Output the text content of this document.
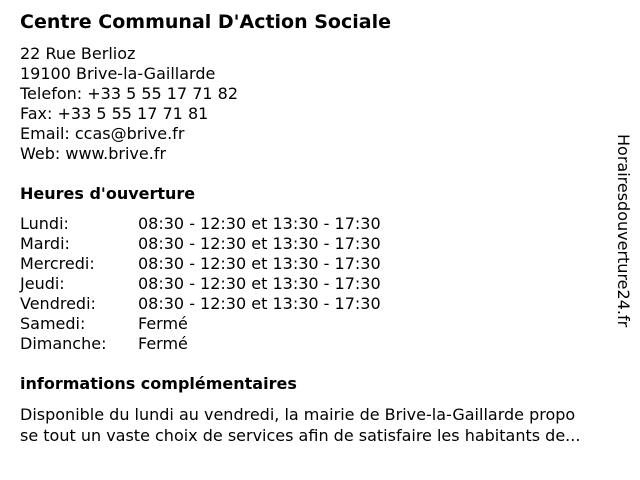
Centre Communal D'Action Sociale
22 Rue Berlioz
19100 Brive-la-Gaillarde
Telefon: +33 5 55 17 71 82
Fax: +33 5 55 17 71 81
Email: ccas@brive.fr
Web: www.brive.fr
Heures d'ouverture
Lundi:	08:30 - 12:30 et 13:30 - 17:30
Mardi:	08:30 - 12:30 et 13:30 - 17:30
Mercredi:	08:30 - 12:30 et 13:30 - 17:30
Jeudi:	08:30 - 12:30 et 13:30 - 17:30
Vendredi:	08:30 - 12:30 et 13:30 - 17:30
Samedi:	Fermé
Dimanche: Fermé
informations complémentaires
Disponible du lundi au vendredi, la mairie de Brive-la-Gaillarde propo
se tout un vaste choix de services afin de satisfaire les habitants de...
Horairesdouverture24.fr
